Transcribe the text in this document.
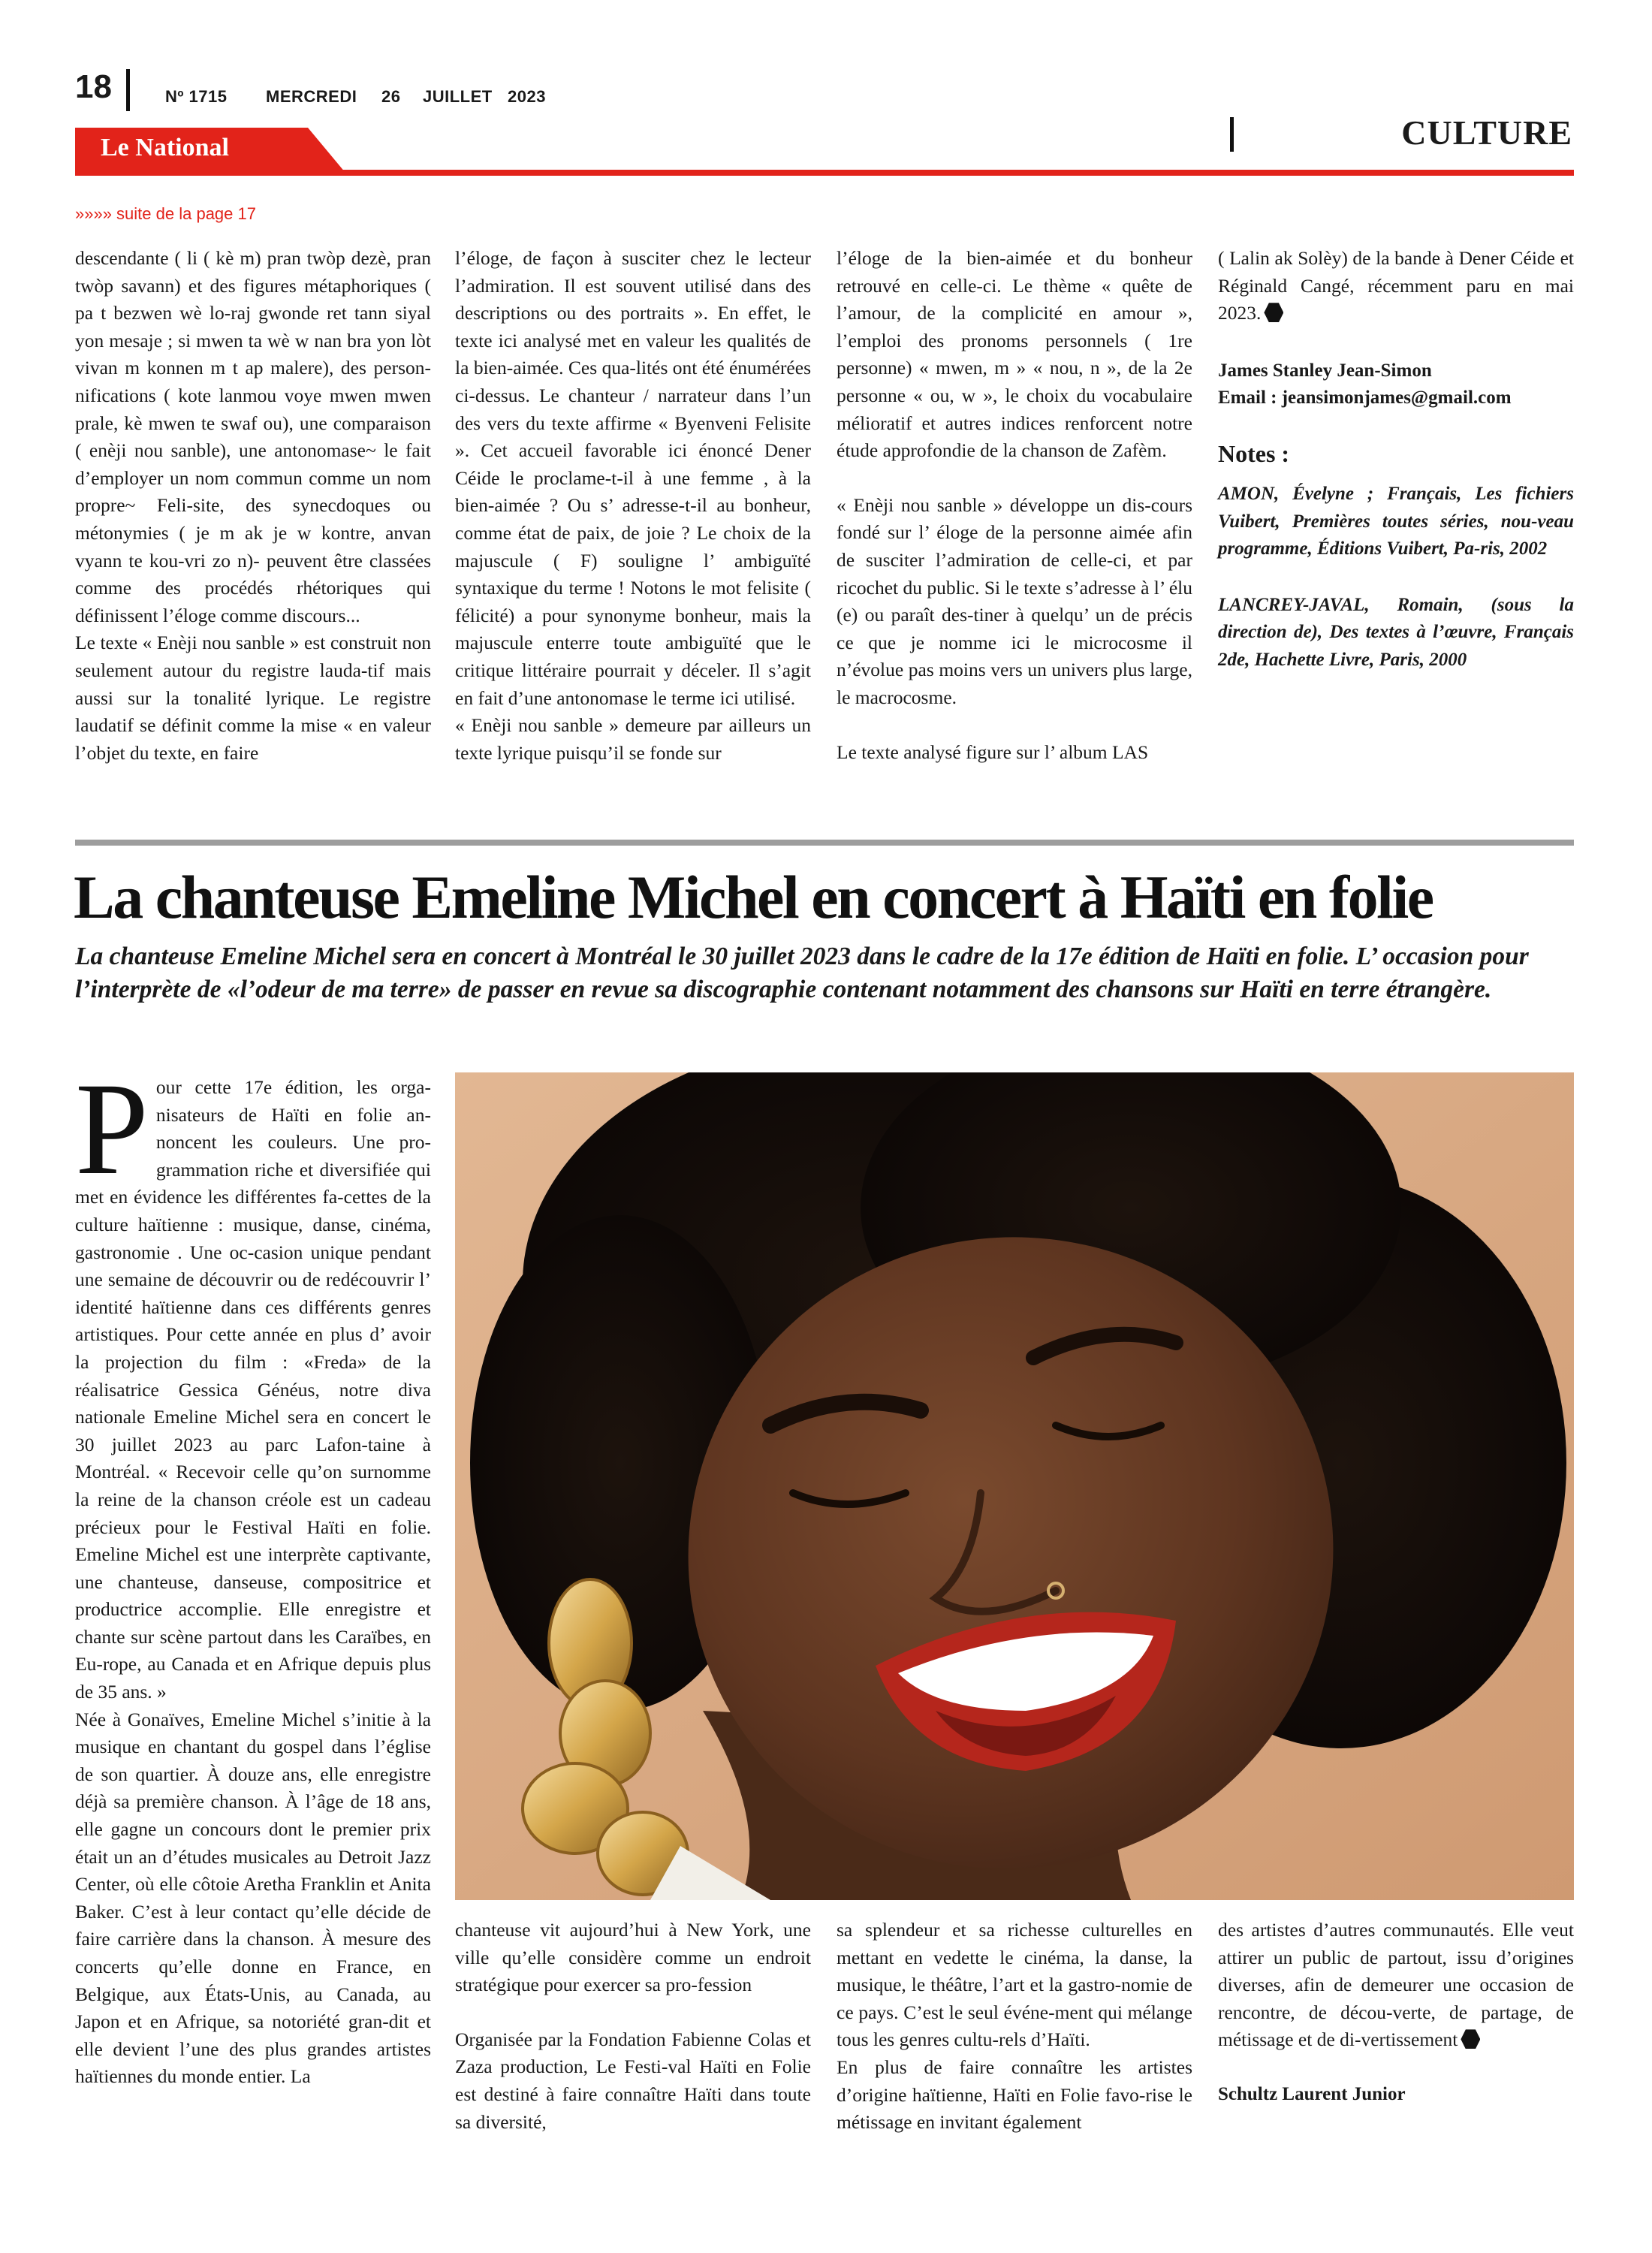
18	Nº 1715 MERCREDI 26 JUILLET 2023
CULTURE
Le National
»»»» suite de la page 17

descendante ( li ( kè m) pran twòp dezè, pran twòp savann) et des figures métaphoriques ( pa t bezwen wè lo-raj gwonde ret tann siyal yon mesaje ; si mwen ta wè w nan bra yon lòt vivan m konnen m t ap malere), des person-nifications ( kote lanmou voye mwen mwen prale, kè mwen te swaf ou), une comparaison ( enèji nou sanble), une antonomase~ le fait d’employer un nom commun comme un nom propre~ Feli-site, des synecdoques ou métonymies ( je m ak je w kontre, anvan vyann te kou-vri zo n)- peuvent être classées comme des procédés rhétoriques qui définissent l’éloge comme discours...

Le texte « Enèji nou sanble » est construit non seulement autour du registre lauda-tif mais aussi sur la tonalité lyrique. Le registre laudatif se définit comme la mise « en valeur l’objet du texte, en faire

l’éloge, de façon à susciter chez le lecteur l’admiration. Il est souvent utilisé dans des descriptions ou des portraits ». En effet, le texte ici analysé met en valeur les qualités de la bien-aimée. Ces qua-lités ont été énumérées ci-dessus. Le chanteur / narrateur dans l’un des vers du texte affirme « Byenveni Felisite ». Cet accueil favorable ici énoncé Dener Céide le proclame-t-il à une femme , à la bien-aimée ? Ou s’ adresse-t-il au bonheur, comme état de paix, de joie ? Le choix de la majuscule ( F) souligne l’ ambiguïté syntaxique du terme ! Notons le mot felisite ( félicité) a pour synonyme bonheur, mais la majuscule enterre toute ambiguïté que le critique littéraire pourrait y déceler. Il s’agit en fait d’une antonomase le terme ici utilisé.

« Enèji nou sanble » demeure par ailleurs un texte lyrique puisqu’il se fonde sur

l’éloge de la bien-aimée et du bonheur retrouvé en celle-ci. Le thème « quête de l’amour, de la complicité en amour », l’emploi des pronoms personnels ( 1re personne) « mwen, m » « nou, n », de la 2e personne « ou, w », le choix du vocabulaire mélioratif et autres indices renforcent notre étude approfondie de la chanson de Zafèm.

« Enèji nou sanble » développe un dis-cours fondé sur l’ éloge de la personne aimée afin de susciter l’admiration de celle-ci, et par ricochet du public. Si le texte s’adresse à l’ élu (e) ou paraît des-tiner à quelqu’ un de précis ce que je nomme ici le microcosme il n’évolue pas moins vers un univers plus large, le macrocosme.

Le texte analysé figure sur l’ album LAS

( Lalin ak Solèy) de la bande à Dener Céide et Réginald Cangé, récemment paru en mai 2023.

James Stanley Jean-Simon
Email : jeansimonjames@gmail.com
Notes :

AMON, Évelyne ; Français, Les fichiers Vuibert, Premières toutes séries, nou-veau programme, Éditions Vuibert, Pa-ris, 2002

LANCREY-JAVAL, Romain, (sous la direction de), Des textes à l’œuvre, Français 2de, Hachette Livre, Paris, 2000

La chanteuse Emeline Michel en concert à Haïti en folie
La chanteuse Emeline Michel sera en concert à Montréal le 30 juillet 2023 dans le cadre de la 17e édition de Haïti en folie. L’ occasion pour l’interprète de «l’odeur de ma terre» de passer en revue sa discographie contenant notamment des chansons sur Haïti en terre étrangère.

Pour cette 17e édition, les orga-nisateurs de Haïti en folie an-noncent les couleurs. Une pro-grammation riche et diversifiée qui met en évidence les différentes fa-cettes de la culture haïtienne : musique, danse, cinéma, gastronomie . Une oc-casion unique pendant une semaine de découvrir ou de redécouvrir l’ identité haïtienne dans ces différents genres artistiques. Pour cette année en plus d’ avoir la projection du film : «Freda» de la réalisatrice Gessica Généus, notre diva nationale Emeline Michel sera en concert le 30 juillet 2023 au parc Lafon-taine à Montréal. « Recevoir celle qu’on surnomme la reine de la chanson créole est un cadeau précieux pour le Festival Haïti en folie. Emeline Michel est une interprète captivante, une chanteuse, danseuse, compositrice et productrice accomplie. Elle enregistre et chante sur scène partout dans les Caraïbes, en Eu-rope, au Canada et en Afrique depuis plus de 35 ans. »

Née à Gonaïves, Emeline Michel s’initie à la musique en chantant du gospel dans l’église de son quartier. À douze ans, elle enregistre déjà sa première chanson. À l’âge de 18 ans, elle gagne un concours dont le premier prix était un an d’études musicales au Detroit Jazz Center, où elle côtoie Aretha Franklin et Anita Baker. C’est à leur contact qu’elle décide de faire carrière dans la chanson. À mesure des concerts qu’elle donne en France, en Belgique, aux États-Unis, au Canada, au Japon et en Afrique, sa notoriété gran-dit et elle devient l’une des plus grandes artistes haïtiennes du monde entier. La

chanteuse vit aujourd’hui à New York, une ville qu’elle considère comme un endroit stratégique pour exercer sa pro-fession

Organisée par la Fondation Fabienne Colas et Zaza production, Le Festi-val Haïti en Folie est destiné à faire connaître Haïti dans toute sa diversité,

sa splendeur et sa richesse culturelles en mettant en vedette le cinéma, la danse, la musique, le théâtre, l’art et la gastro-nomie de ce pays. C’est le seul événe-ment qui mélange tous les genres cultu-rels d’Haïti.

En plus de faire connaître les artistes d’origine haïtienne, Haïti en Folie favo-rise le métissage en invitant également

des artistes d’autres communautés. Elle veut attirer un public de partout, issu d’origines diverses, afin de demeurer une occasion de rencontre, de décou-verte, de partage, de métissage et de di-vertissement

Schultz Laurent Junior
